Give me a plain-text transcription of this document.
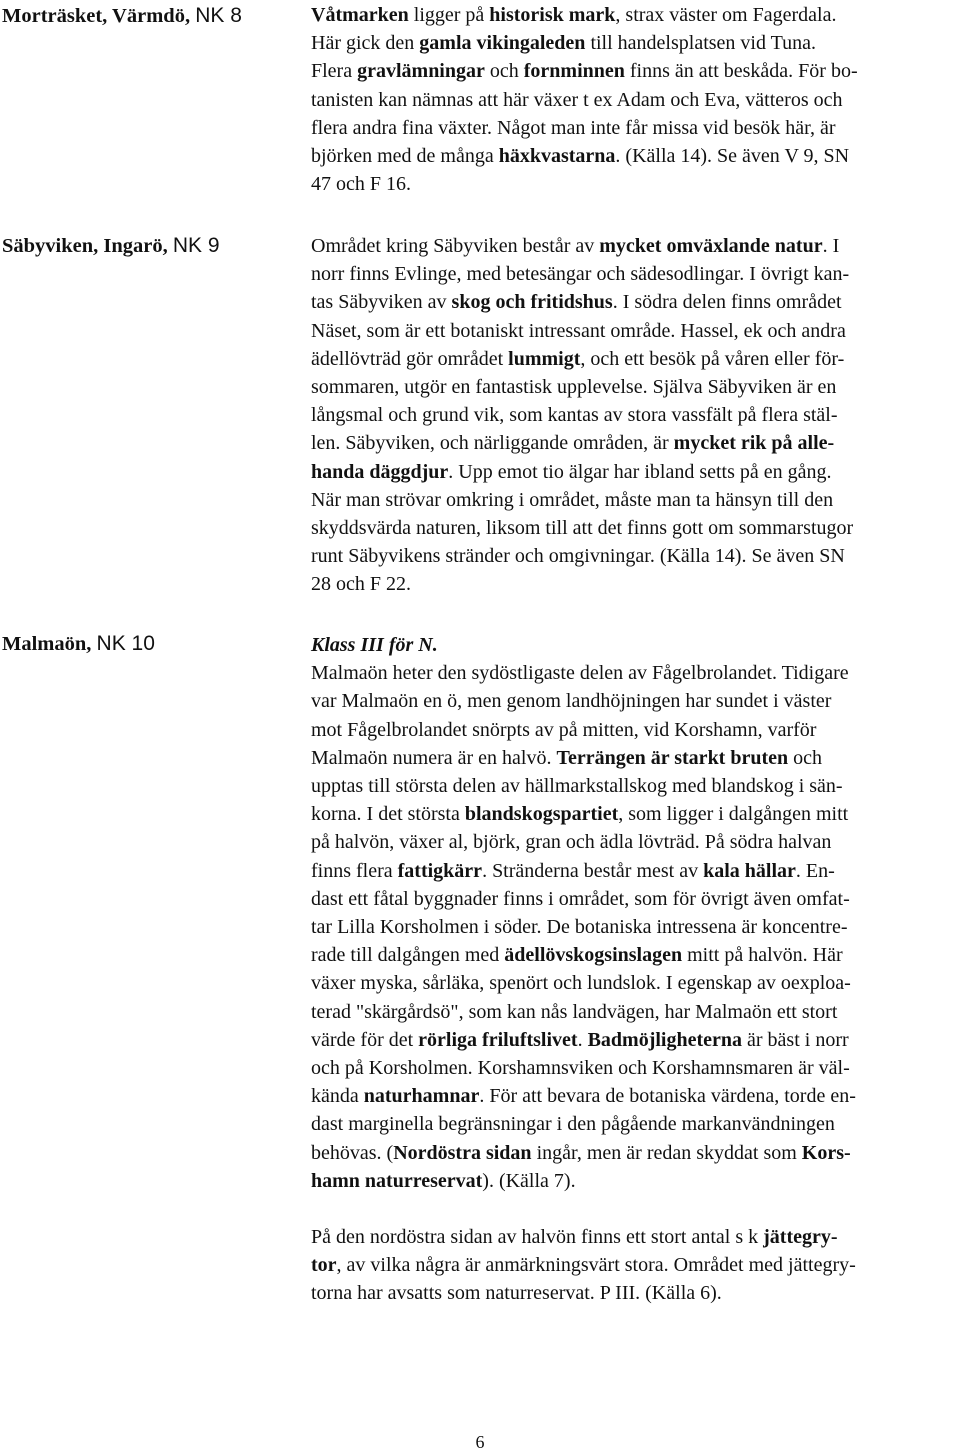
Morträsket, Värmdö, NK 8	Våtmarken ligger på historisk mark, strax väster om Fagerdala.

Här gick den gamla vikingaleden till handelsplatsen vid Tuna.

Flera gravlämningar och fornminnen finns än att beskåda. För bo-

tanisten kan nämnas att här växer t ex Adam och Eva, vätteros och

flera andra fina växter. Något man inte får missa vid besök här, är

björken med de många häxkvastarna. (Källa 14). Se även V 9, SN

47 och F 16.

Säbyviken, Ingarö, NK 9	Området kring Säbyviken består av mycket omväxlande natur. I

norr finns Evlinge, med betesängar och sädesodlingar. I övrigt kan-

tas Säbyviken av skog och fritidshus. I södra delen finns området

Näset, som är ett botaniskt intressant område. Hassel, ek och andra

ädellövträd gör området lummigt, och ett besök på våren eller för-

sommaren, utgör en fantastisk upplevelse. Själva Säbyviken är en

långsmal och grund vik, som kantas av stora vassfält på flera stäl-

len. Säbyviken, och närliggande områden, är mycket rik på alle-

handa däggdjur. Upp emot tio älgar har ibland setts på en gång.

När man strövar omkring i området, måste man ta hänsyn till den

skyddsvärda naturen, liksom till att det finns gott om sommarstugor

runt Säbyvikens stränder och omgivningar. (Källa 14). Se även SN

28 och F 22.

Malmaön, NK 10	Klass III för N.

Malmaön heter den sydöstligaste delen av Fågelbrolandet. Tidigare

var Malmaön en ö, men genom landhöjningen har sundet i väster

mot Fågelbrolandet snörpts av på mitten, vid Korshamn, varför

Malmaön numera är en halvö. Terrängen är starkt bruten och

upptas till största delen av hällmarkstallskog med blandskog i sän-

korna. I det största blandskogspartiet, som ligger i dalgången mitt

på halvön, växer al, björk, gran och ädla lövträd. På södra halvan

finns flera fattigkärr. Stränderna består mest av kala hällar. En-

dast ett fåtal byggnader finns i området, som för övrigt även omfat-

tar Lilla Korsholmen i söder. De botaniska intressena är koncentre-

rade till dalgången med ädellövskogsinslagen mitt på halvön. Här

växer myska, sårläka, spenört och lundslok. I egenskap av oexploa-

terad "skärgårdsö", som kan nås landvägen, har Malmaön ett stort

värde för det rörliga friluftslivet. Badmöjligheterna är bäst i norr

och på Korsholmen. Korshamnsviken och Korshamnsmaren är väl-

kända naturhamnar. För att bevara de botaniska värdena, torde en-

dast marginella begränsningar i den pågående markanvändningen

behövas. (Nordöstra sidan ingår, men är redan skyddat som Kors-

hamn naturreservat). (Källa 7).

På den nordöstra sidan av halvön finns ett stort antal s k jättegry-

tor, av vilka några är anmärkningsvärt stora. Området med jättegry-

torna har avsatts som naturreservat. P III. (Källa 6).

6
